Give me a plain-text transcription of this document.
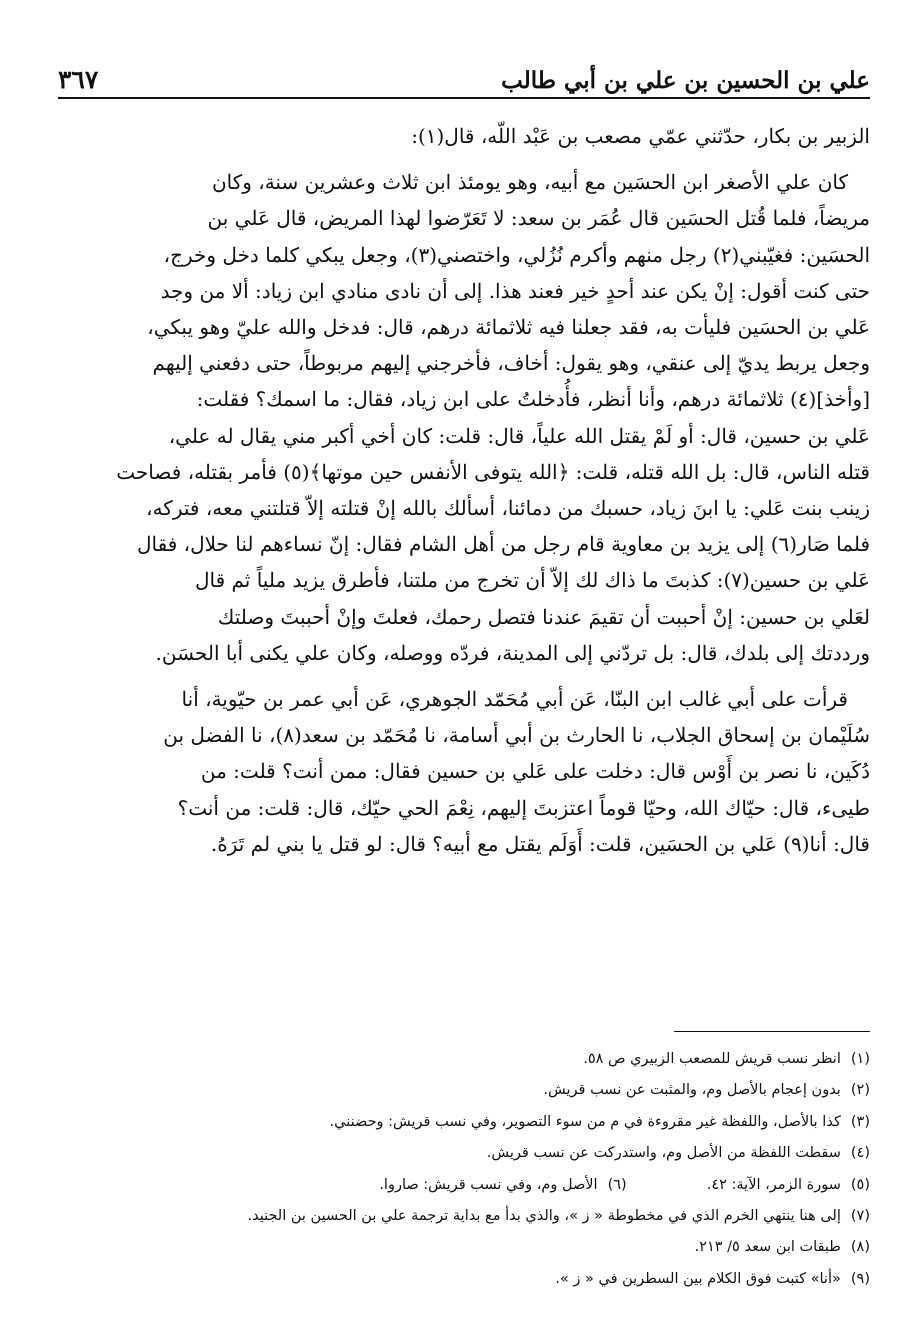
علي بن الحسين بن علي بن أبي طالب
٣٦٧

الزبير بن بكار، حدّثني عمّي مصعب بن عَبْد اللّه، قال(١):

كان علي الأصغر ابن الحسَين مع أبيه، وهو يومئذ ابن ثلاث وعشرين سنة، وكان

مريضاً، فلما قُتل الحسَين قال عُمَر بن سعد: لا تَعَرّضوا لهذا المريض، قال عَلي بن

الحسَين: فغيّبني(٢) رجل منهم وأكرم نُزُلي، واختصني(٣)، وجعل يبكي كلما دخل وخرج،

حتى كنت أقول: إنْ يكن عند أحدٍ خير فعند هذا. إلى أن نادى منادي ابن زياد: ألا من وجد

عَلي بن الحسَين فليأت به، فقد جعلنا فيه ثلاثمائة درهم، قال: فدخل والله عليّ وهو يبكي،

وجعل يربط يديّ إلى عنقي، وهو يقول: أخاف، فأخرجني إليهم مربوطاً، حتى دفعني إليهم

[وأخذ](٤) ثلاثمائة درهم، وأنا أنظر، فأُدخلتُ على ابن زياد، فقال: ما اسمك؟ فقلت:

عَلي بن حسين، قال: أو لَمْ يقتل الله علياً، قال: قلت: كان أخي أكبر مني يقال له علي،

قتله الناس، قال: بل الله قتله، قلت: ﴿الله يتوفى الأنفس حين موتها﴾(٥) فأمر بقتله، فصاحت

زينب بنت عَلي: يا ابنَ زياد، حسبك من دمائنا، أسألك بالله إنْ قتلته إلاّ قتلتني معه، فتركه،

فلما صَار(٦) إلى يزيد بن معاوية قام رجل من أهل الشام فقال: إنّ نساءهم لنا حلال، فقال

عَلي بن حسين(٧): كذبتَ ما ذاك لك إلاّ أن تخرج من ملتنا، فأطرق يزيد ملياً ثم قال

لعَلي بن حسين: إنْ أحببت أن تقيمَ عندنا فتصل رحمك، فعلتَ وإنْ أحببتَ وصلتك

ورددتك إلى بلدك، قال: بل تردّني إلى المدينة، فردّه ووصله، وكان علي يكنى أبا الحسَن.

قرأت على أبي غالب ابن البنّا، عَن أبي مُحَمّد الجوهري، عَن أبي عمر بن حيّوية، أنا

سُلَيْمان بن إسحاق الجلاب، نا الحارث بن أبي أسامة، نا مُحَمّد بن سعد(٨)، نا الفضل بن

دُكَين، نا نصر بن أَوْس قال: دخلت على عَلي بن حسين فقال: ممن أنت؟ قلت: من

طيىء، قال: حيّاك الله، وحيّا قوماً اعتزبتَ إليهم، نِعْمَ الحي حيّك، قال: قلت: من أنت؟

قال: أنا(٩) عَلي بن الحسَين، قلت: أَوَلَم يقتل مع أبيه؟ قال: لو قتل يا بني لم تَرَهُ.

(١)
انظر نسب قريش للمصعب الزبيري ص ٥٨.
(٢)
بدون إعجام بالأصل وم، والمثبت عن نسب قريش.
(٣)
كذا بالأصل، واللفظة غير مقروءة في م من سوء التصوير، وفي نسب قريش: وحضنني.
(٤)
سقطت اللفظة من الأصل وم، واستدركت عن نسب قريش.
(٥)
سورة الزمر، الآية: ٤٢.
(٦)
الأصل وم، وفي نسب قريش: صاروا.
(٧)
إلى هنا ينتهي الخرم الذي في مخطوطة « ز »، والذي بدأ مع بداية ترجمة علي بن الحسين بن الجنيد.
(٨)
طبقات ابن سعد ٥/ ٢١٣.
(٩)
«أنا» كتبت فوق الكلام بين السطرين في « ز ».
